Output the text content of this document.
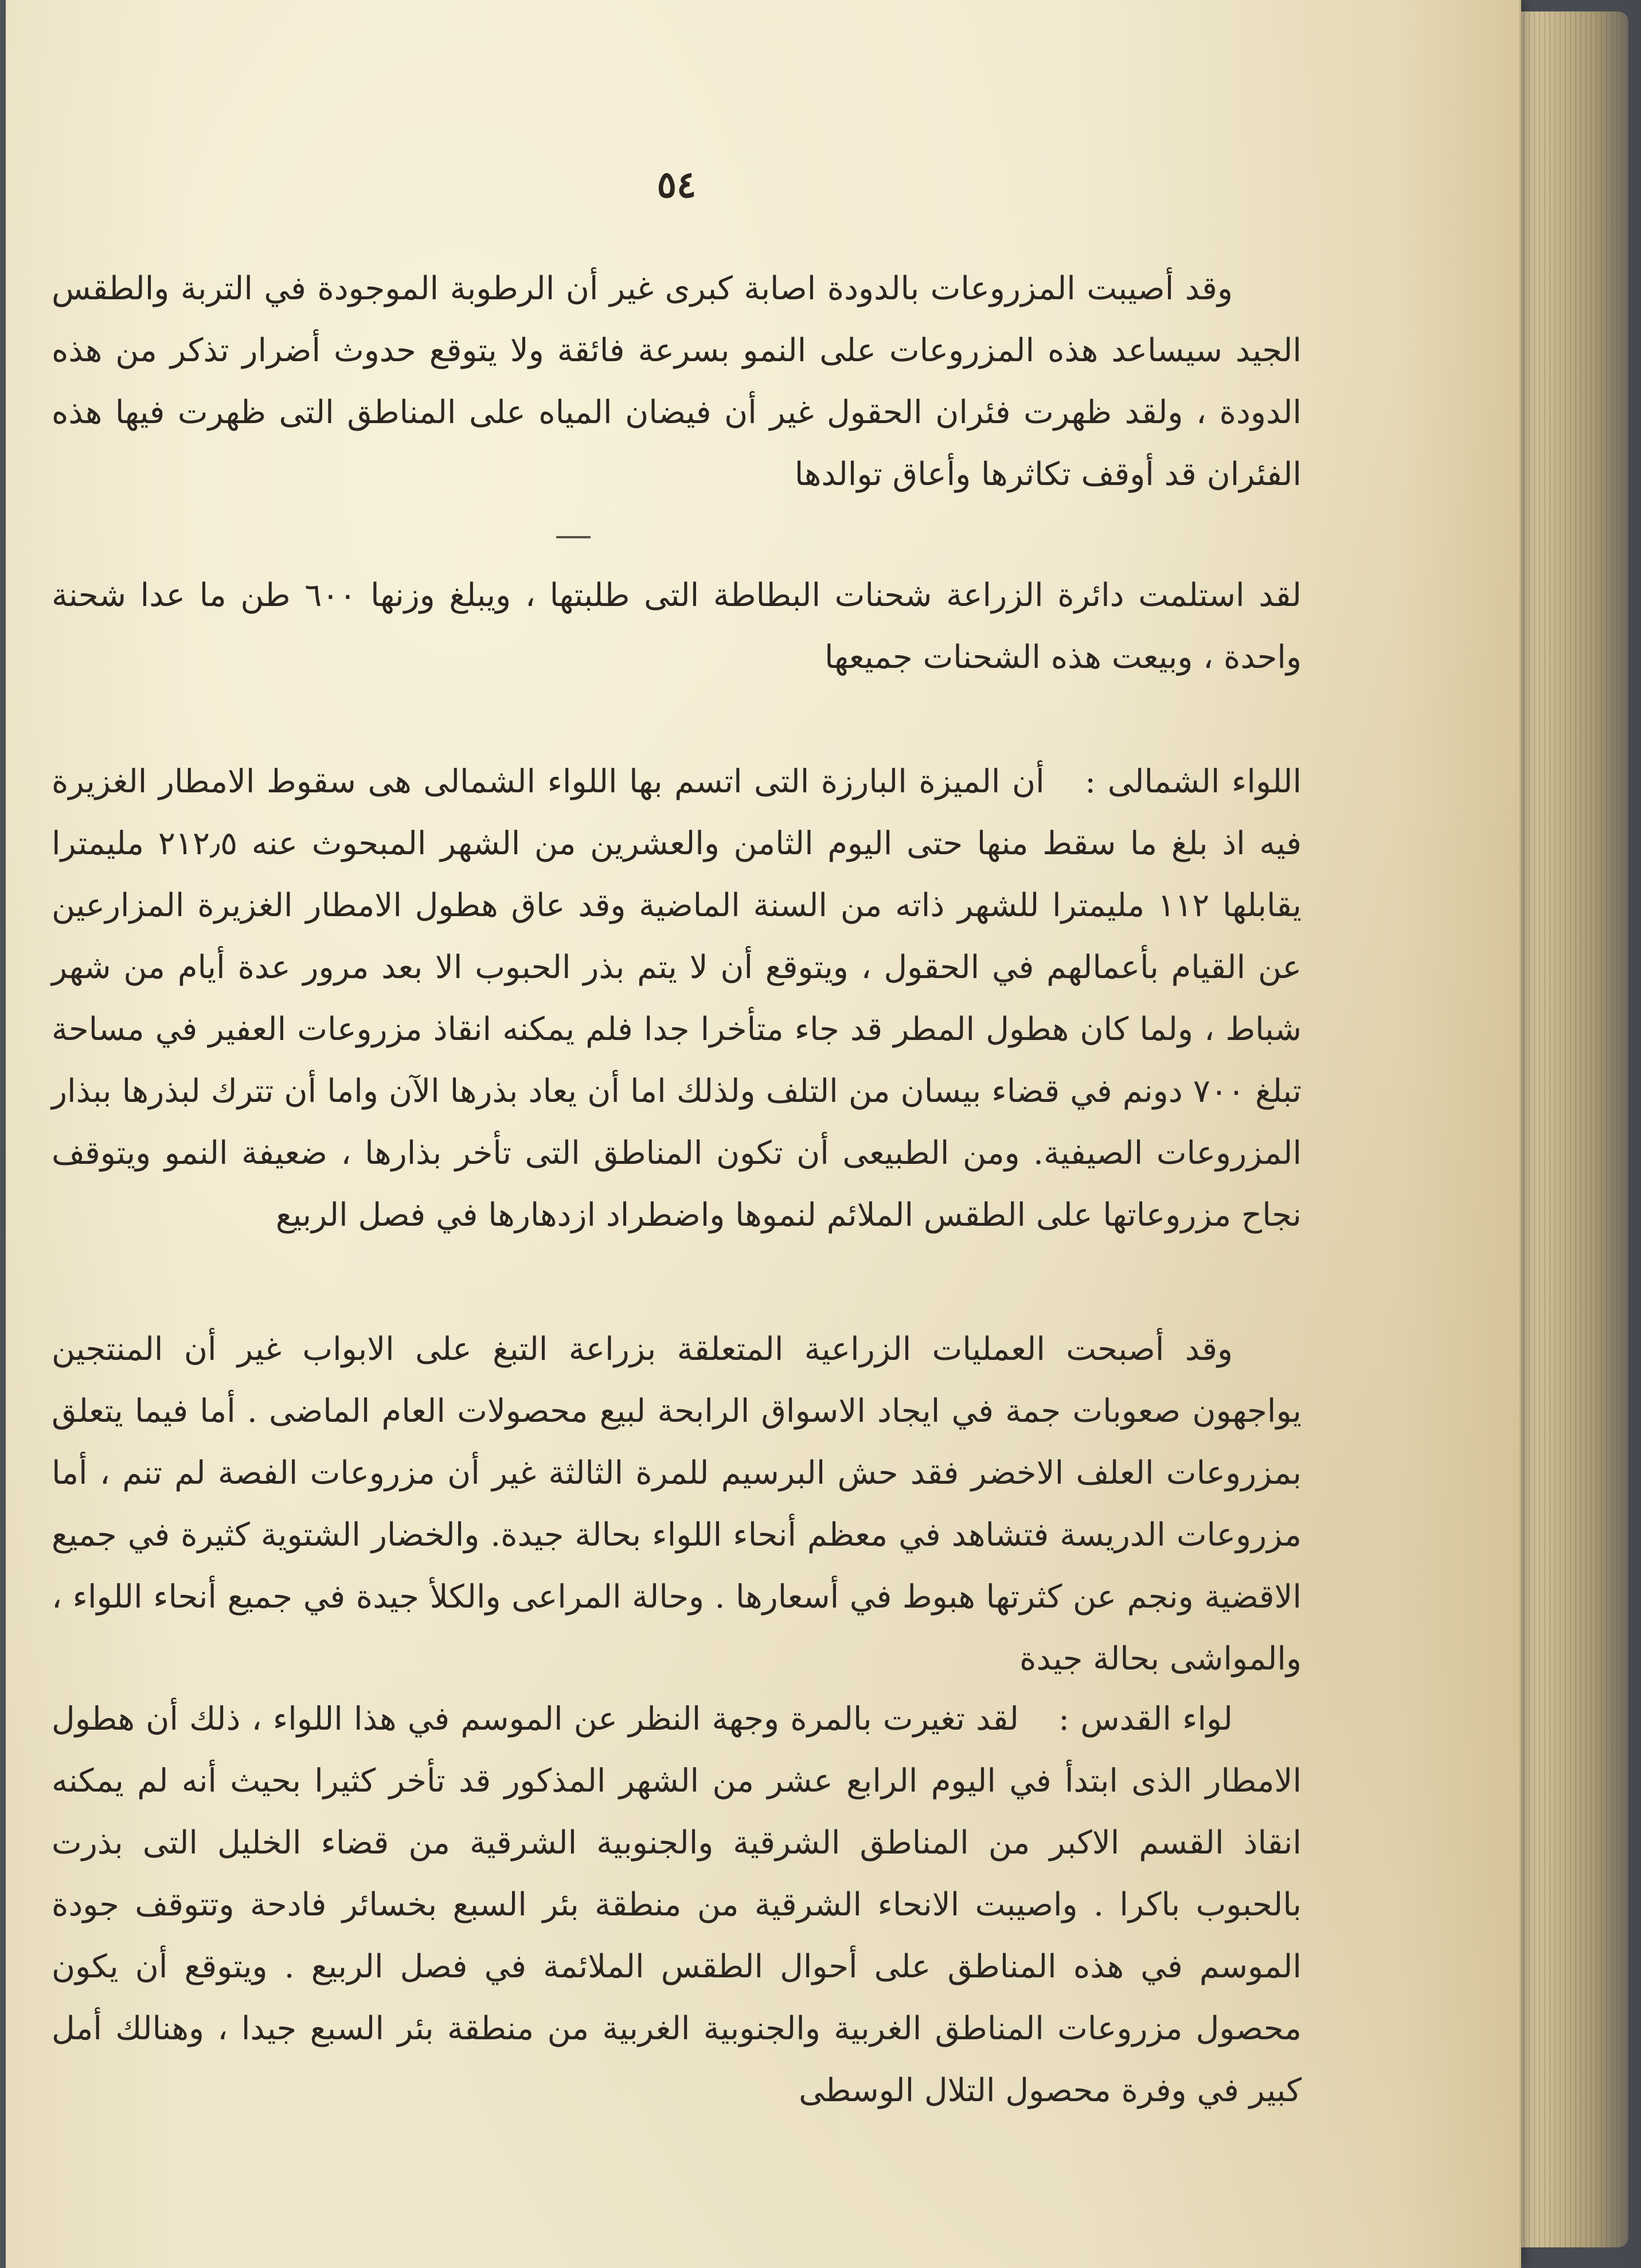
٥٤

وقد أصيبت المزروعات بالدودة اصابة كبرى غير أن الرطوبة الموجودة في التربة والطقس الجيد سيساعد هذه المزروعات على النمو بسرعة فائقة ولا يتوقع حدوث أضرار تذكر من هذه الدودة ، ولقد ظهرت فئران الحقول غير أن فيضان المياه على المناطق التى ظهرت فيها هذه الفئران قد أوقف تكاثرها وأعاق توالدها

لقد استلمت دائرة الزراعة شحنات البطاطة التى طلبتها ، ويبلغ وزنها ٦٠٠ طن ما عدا شحنة واحدة ، وبيعت هذه الشحنات جميعها

اللواء الشمالى : أن الميزة البارزة التى اتسم بها اللواء الشمالى هى سقوط الامطار الغزيرة فيه اذ بلغ ما سقط منها حتى اليوم الثامن والعشرين من الشهر المبحوث عنه ٢١٢٫٥ مليمترا يقابلها ١١٢ مليمترا للشهر ذاته من السنة الماضية وقد عاق هطول الامطار الغزيرة المزارعين عن القيام بأعمالهم في الحقول ، ويتوقع أن لا يتم بذر الحبوب الا بعد مرور عدة أيام من شهر شباط ، ولما كان هطول المطر قد جاء متأخرا جدا فلم يمكنه انقاذ مزروعات العفير في مساحة تبلغ ٧٠٠ دونم في قضاء بيسان من التلف ولذلك اما أن يعاد بذرها الآن واما أن تترك لبذرها ببذار المزروعات الصيفية. ومن الطبيعى أن تكون المناطق التى تأخر بذارها ، ضعيفة النمو ويتوقف نجاح مزروعاتها على الطقس الملائم لنموها واضطراد ازدهارها في فصل الربيع

وقد أصبحت العمليات الزراعية المتعلقة بزراعة التبغ على الابواب غير أن المنتجين يواجهون صعوبات جمة في ايجاد الاسواق الرابحة لبيع محصولات العام الماضى . أما فيما يتعلق بمزروعات العلف الاخضر فقد حش البرسيم للمرة الثالثة غير أن مزروعات الفصة لم تنم ، أما مزروعات الدريسة فتشاهد في معظم أنحاء اللواء بحالة جيدة. والخضار الشتوية كثيرة في جميع الاقضية ونجم عن كثرتها هبوط في أسعارها . وحالة المراعى والكلأ جيدة في جميع أنحاء اللواء ، والمواشى بحالة جيدة

لواء القدس : لقد تغيرت بالمرة وجهة النظر عن الموسم في هذا اللواء ، ذلك أن هطول الامطار الذى ابتدأ في اليوم الرابع عشر من الشهر المذكور قد تأخر كثيرا بحيث أنه لم يمكنه انقاذ القسم الاكبر من المناطق الشرقية والجنوبية الشرقية من قضاء الخليل التى بذرت بالحبوب باكرا . واصيبت الانحاء الشرقية من منطقة بئر السبع بخسائر فادحة وتتوقف جودة الموسم في هذه المناطق على أحوال الطقس الملائمة في فصل الربيع . ويتوقع أن يكون محصول مزروعات المناطق الغربية والجنوبية الغربية من منطقة بئر السبع جيدا ، وهنالك أمل كبير في وفرة محصول التلال الوسطى
